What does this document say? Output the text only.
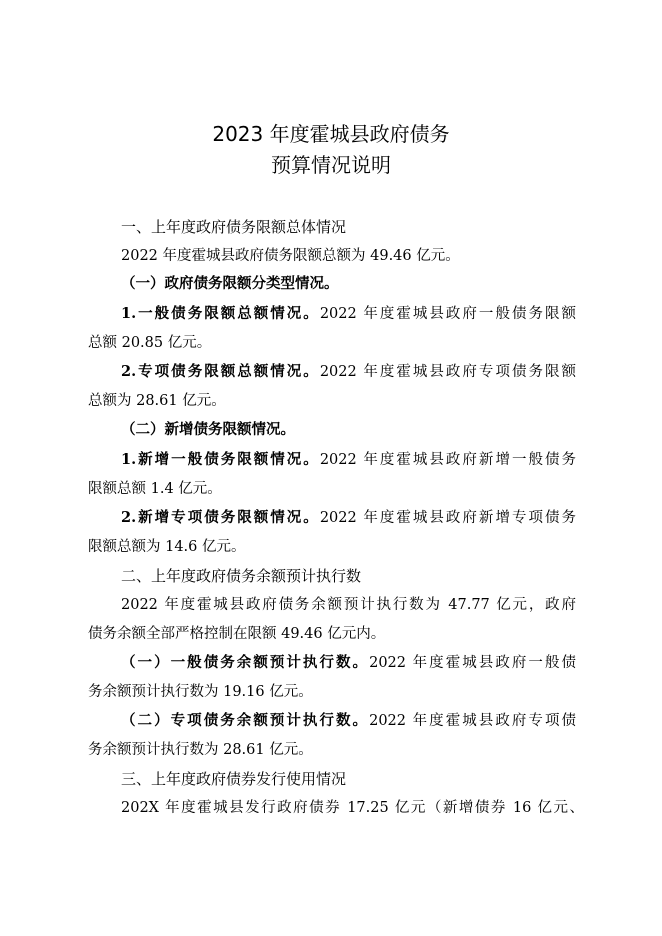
2023 年度霍城县政府债务
预算情况说明
一、上年度政府债务限额总体情况
2022 年度霍城县政府债务限额总额为 49.46 亿元。
（一）政府债务限额分类型情况。
1.一般债务限额总额情况。2022 年度霍城县政府一般债务限额
总额 20.85 亿元。
2.专项债务限额总额情况。2022 年度霍城县政府专项债务限额
总额为 28.61 亿元。
（二）新增债务限额情况。
1.新增一般债务限额情况。2022 年度霍城县政府新增一般债务
限额总额 1.4 亿元。
2.新增专项债务限额情况。2022 年度霍城县政府新增专项债务
限额总额为 14.6 亿元。
二、上年度政府债务余额预计执行数
2022 年度霍城县政府债务余额预计执行数为 47.77 亿元，政府
债务余额全部严格控制在限额 49.46 亿元内。
（一）一般债务余额预计执行数。2022 年度霍城县政府一般债
务余额预计执行数为 19.16 亿元。
（二）专项债务余额预计执行数。2022 年度霍城县政府专项债
务余额预计执行数为 28.61 亿元。
三、上年度政府债券发行使用情况
202X 年度霍城县发行政府债券 17.25 亿元（新增债券 16 亿元、
